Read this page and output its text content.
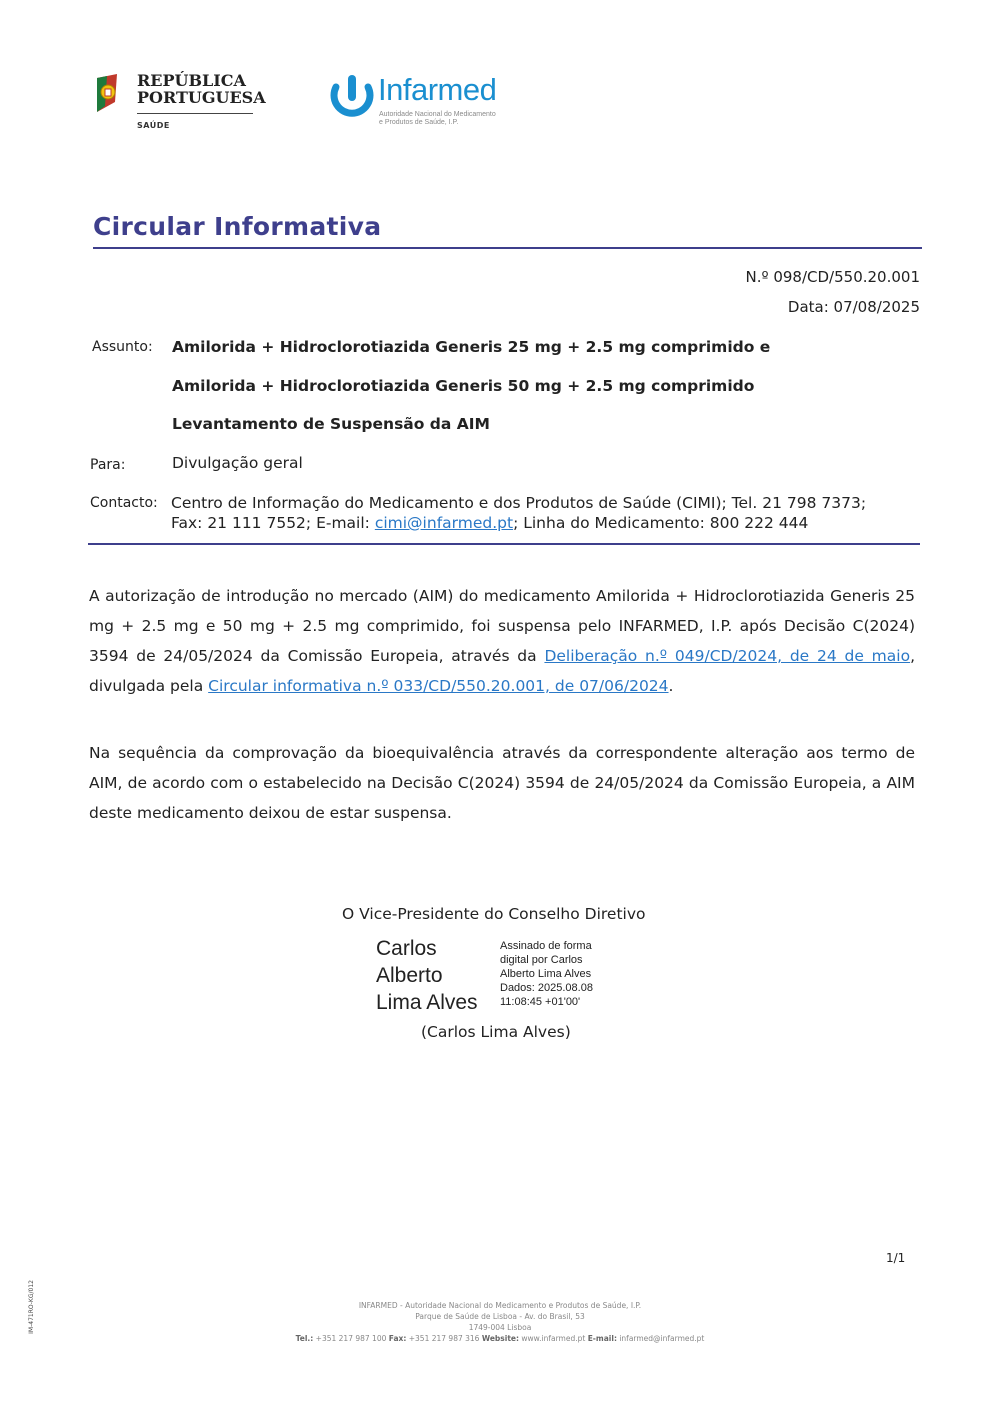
REPÚBLICA
PORTUGUESA
SAÚDE
Infarmed
Autoridade Nacional do Medicamento
e Produtos de Saúde, I.P.
Circular Informativa
N.º 098/CD/550.20.001
Data: 07/08/2025
Assunto: Amilorida + Hidroclorotiazida Generis 25 mg + 2.5 mg comprimido e
Amilorida + Hidroclorotiazida Generis 50 mg + 2.5 mg comprimido
Levantamento de Suspensão da AIM
Para:	Divulgação geral
Contacto: Centro de Informação do Medicamento e dos Produtos de Saúde (CIMI); Tel. 21 798 7373;
Fax: 21 111 7552; E-mail: cimi@infarmed.pt; Linha do Medicamento: 800 222 444
A autorização de introdução no mercado (AIM) do medicamento Amilorida + Hidroclorotiazida Generis 25 mg + 2.5 mg e 50 mg + 2.5 mg comprimido, foi suspensa pelo INFARMED, I.P. após Decisão C(2024) 3594 de 24/05/2024 da Comissão Europeia, através da Deliberação n.º 049/CD/2024, de 24 de maio, divulgada pela Circular informativa n.º 033/CD/550.20.001, de 07/06/2024.
Na sequência da comprovação da bioequivalência através da correspondente alteração aos termo de AIM, de acordo com o estabelecido na Decisão C(2024) 3594 de 24/05/2024 da Comissão Europeia, a AIM deste medicamento deixou de estar suspensa.
O Vice-Presidente do Conselho Diretivo
Carlos
Alberto
Lima Alves
Assinado de forma
digital por Carlos
Alberto Lima Alves
Dados: 2025.08.08
11:08:45 +01'00'
(Carlos Lima Alves)
1/1
IM-471RO-KG/012	INFARMED - Autoridade Nacional do Medicamento e Produtos de Saúde, I.P.
Parque de Saúde de Lisboa - Av. do Brasil, 53
1749-004 Lisboa
Tel.: +351 217 987 100 Fax: +351 217 987 316 Website: www.infarmed.pt E-mail: infarmed@infarmed.pt
